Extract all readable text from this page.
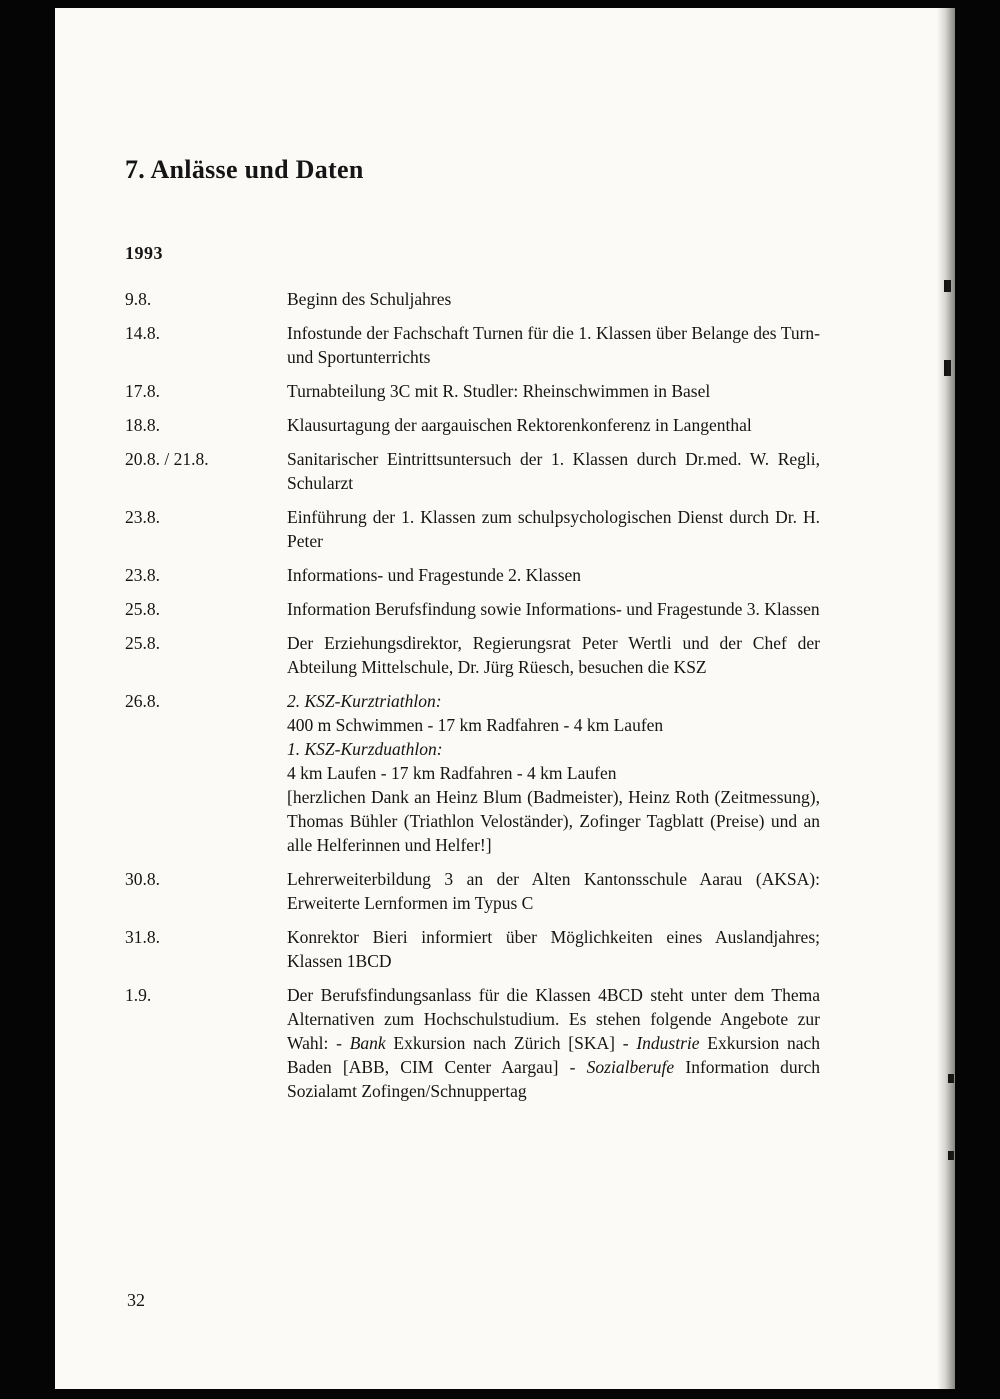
7. Anlässe und Daten
1993
9.8.	Beginn des Schuljahres
14.8.	Infostunde der Fachschaft Turnen für die 1. Klassen über Belange des Turn- und Sportunterrichts
17.8.	Turnabteilung 3C mit R. Studler: Rheinschwimmen in Basel
18.8.	Klausurtagung der aargauischen Rektorenkonferenz in Langenthal
20.8. / 21.8.	Sanitarischer Eintrittsuntersuch der 1. Klassen durch Dr.med. W. Regli, Schularzt
23.8.	Einführung der 1. Klassen zum schulpsychologischen Dienst durch Dr. H. Peter
23.8.	Informations- und Fragestunde 2. Klassen
25.8.	Information Berufsfindung sowie Informations- und Fragestunde 3. Klassen
25.8.	Der Erziehungsdirektor, Regierungsrat Peter Wertli und der Chef der Abteilung Mittelschule, Dr. Jürg Rüesch, besuchen die KSZ
26.8.	2. KSZ-Kurztriathlon:
400 m Schwimmen - 17 km Radfahren - 4 km Laufen
1. KSZ-Kurzduathlon:
4 km Laufen - 17 km Radfahren - 4 km Laufen
[herzlichen Dank an Heinz Blum (Badmeister), Heinz Roth (Zeitmessung), Thomas Bühler (Triathlon Veloständer), Zofinger Tagblatt (Preise) und an alle Helferinnen und Helfer!]
30.8.	Lehrerweiterbildung 3 an der Alten Kantonsschule Aarau (AKSA): Erweiterte Lernformen im Typus C
31.8.	Konrektor Bieri informiert über Möglichkeiten eines Auslandjahres; Klassen 1BCD
1.9.	Der Berufsfindungsanlass für die Klassen 4BCD steht unter dem Thema Alternativen zum Hochschulstudium. Es stehen folgende Angebote zur Wahl: - Bank Exkursion nach Zürich [SKA] - Industrie Exkursion nach Baden [ABB, CIM Center Aargau] - Sozialberufe Information durch Sozialamt Zofingen/Schnuppertag
32
